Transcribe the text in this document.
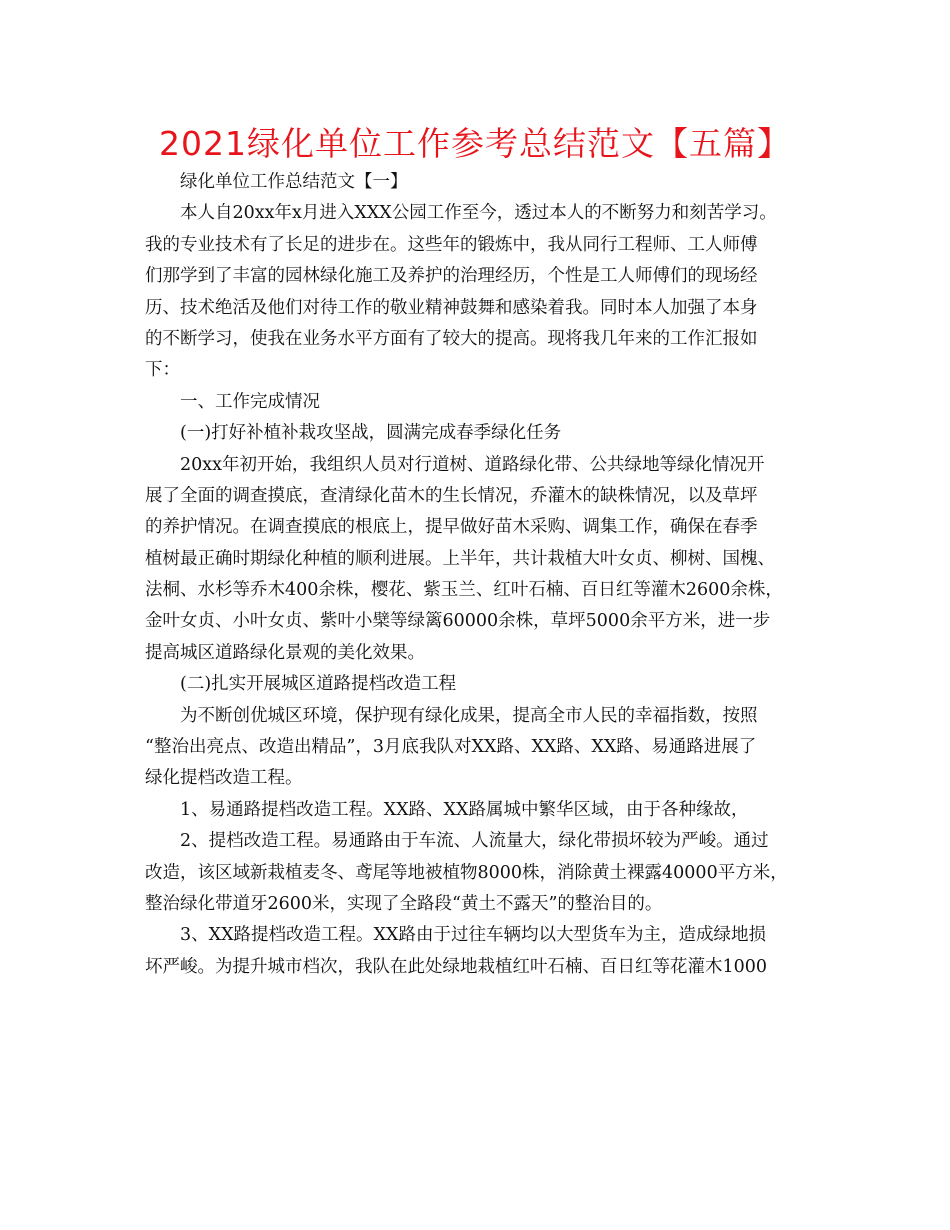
2021绿化单位工作参考总结范文【五篇】
绿化单位工作总结范文【一】
本人自20xx年x月进入XXX公园工作至今，透过本人的不断努力和刻苦学习。
我的专业技术有了长足的进步在。这些年的锻炼中，我从同行工程师、工人师傅
们那学到了丰富的园林绿化施工及养护的治理经历，个性是工人师傅们的现场经
历、技术绝活及他们对待工作的敬业精神鼓舞和感染着我。同时本人加强了本身
的不断学习，使我在业务水平方面有了较大的提高。现将我几年来的工作汇报如
下：
一、工作完成情况
(一)打好补植补栽攻坚战，圆满完成春季绿化任务
20xx年初开始，我组织人员对行道树、道路绿化带、公共绿地等绿化情况开
展了全面的调查摸底，查清绿化苗木的生长情况，乔灌木的缺株情况，以及草坪
的养护情况。在调查摸底的根底上，提早做好苗木采购、调集工作，确保在春季
植树最正确时期绿化种植的顺利进展。上半年，共计栽植大叶女贞、柳树、国槐、
法桐、水杉等乔木400余株，樱花、紫玉兰、红叶石楠、百日红等灌木2600余株，
金叶女贞、小叶女贞、紫叶小檗等绿篱60000余株，草坪5000余平方米，进一步
提高城区道路绿化景观的美化效果。
(二)扎实开展城区道路提档改造工程
为不断创优城区环境，保护现有绿化成果，提高全市人民的幸福指数，按照
“整治出亮点、改造出精品”，3月底我队对XX路、XX路、XX路、易通路进展了
绿化提档改造工程。
1、易通路提档改造工程。XX路、XX路属城中繁华区域，由于各种缘故，
2、提档改造工程。易通路由于车流、人流量大，绿化带损坏较为严峻。通过
改造，该区域新栽植麦冬、鸢尾等地被植物8000株，消除黄土裸露40000平方米，
整治绿化带道牙2600米，实现了全路段“黄土不露天”的整治目的。
3、XX路提档改造工程。XX路由于过往车辆均以大型货车为主，造成绿地损
坏严峻。为提升城市档次，我队在此处绿地栽植红叶石楠、百日红等花灌木1000
